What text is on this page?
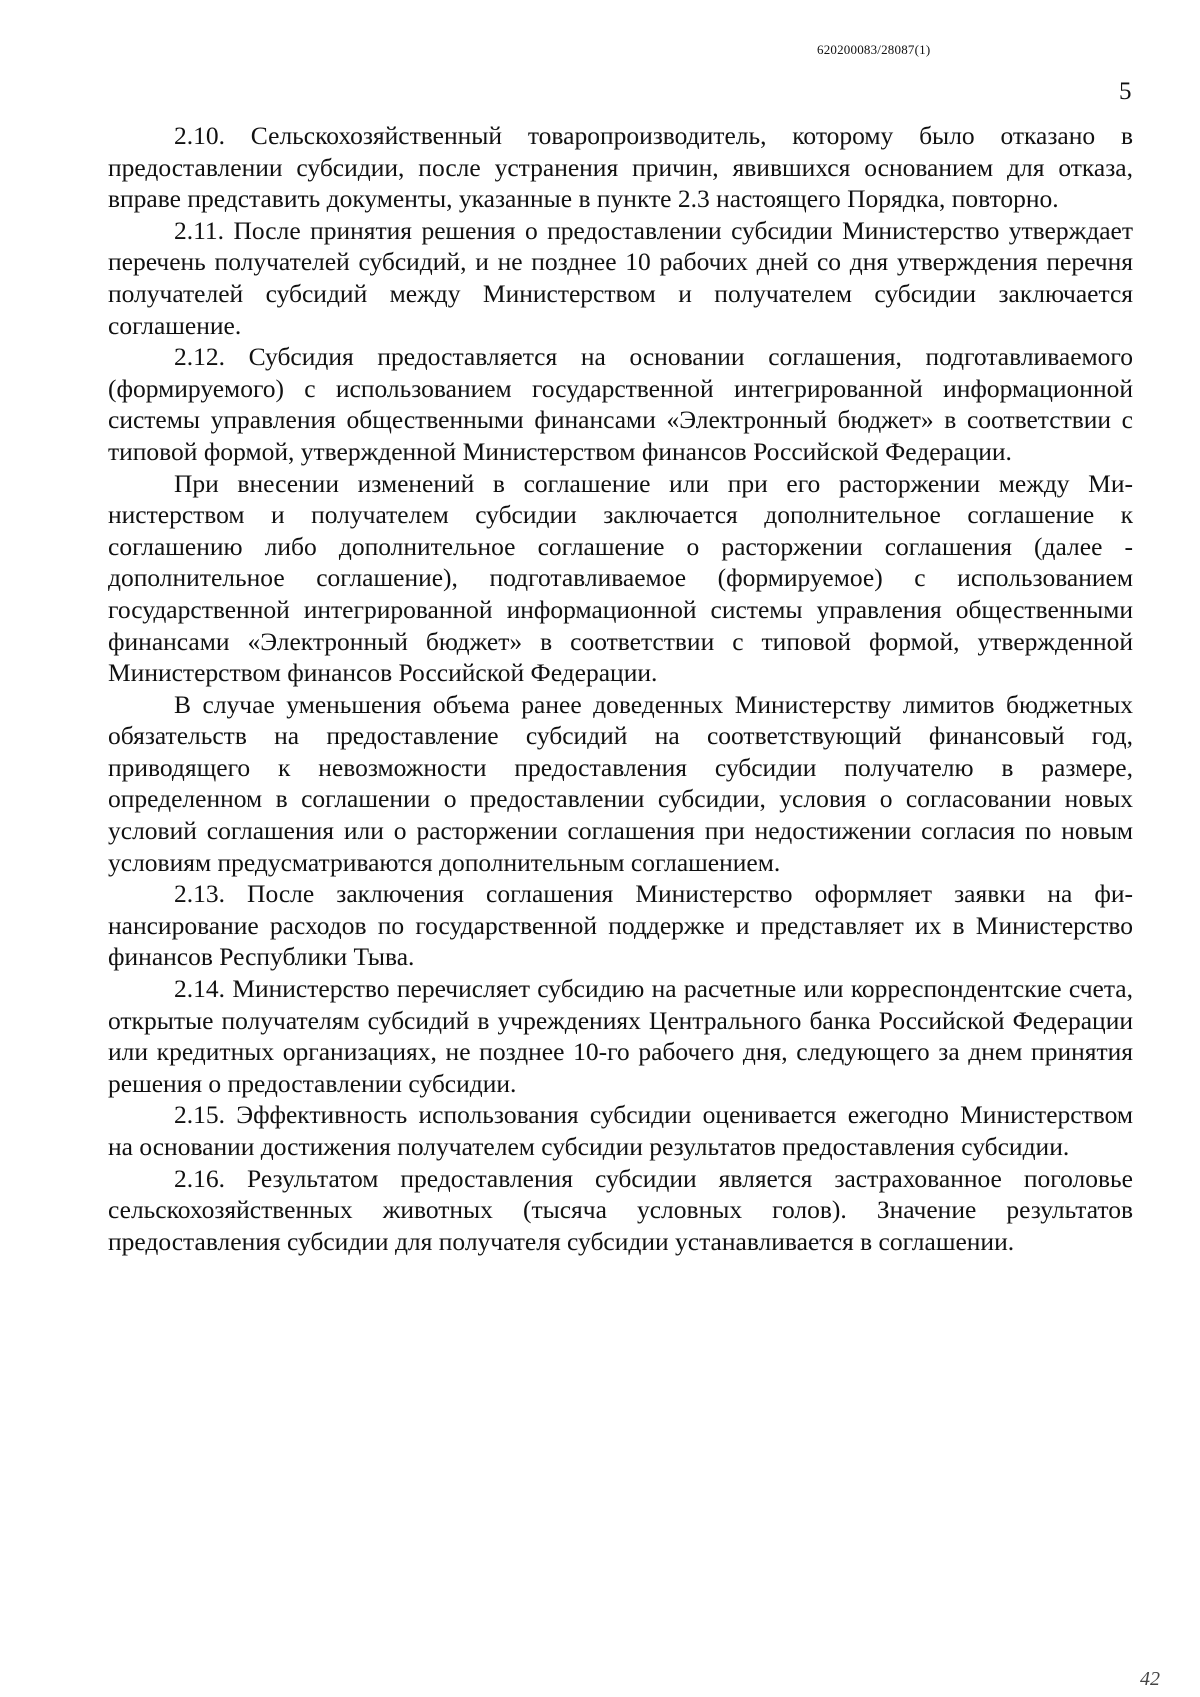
620200083/28087(1)
5

2.10. Сельскохозяйственный товаропроизводитель, которому было отказано в предоставлении субсидии, после устранения причин, явившихся основанием для отказа, вправе представить документы, указанные в пункте 2.3 настоящего Порядка, повторно.

2.11. После принятия решения о предоставлении субсидии Министерство утверждает перечень получателей субсидий, и не позднее 10 рабочих дней со дня утверждения перечня получателей субсидий между Министерством и получателем субсидии заключается соглашение.

2.12. Субсидия предоставляется на основании соглашения, подготавливаемого (формируемого) с использованием государственной интегрированной информационной системы управления общественными финансами «Электронный бюджет» в соответствии с типовой формой, утвержденной Министерством финансов Российской Федерации.

При внесении изменений в соглашение или при его расторжении между Министерством и получателем субсидии заключается дополнительное соглашение к соглашению либо дополнительное соглашение о расторжении соглашения (далее - дополнительное соглашение), подготавливаемое (формируемое) с использованием государственной интегрированной информационной системы управления общественными финансами «Электронный бюджет» в соответствии с типовой формой, утвержденной Министерством финансов Российской Федерации.

В случае уменьшения объема ранее доведенных Министерству лимитов бюджетных обязательств на предоставление субсидий на соответствующий финансовый год, приводящего к невозможности предоставления субсидии получателю в размере, определенном в соглашении о предоставлении субсидии, условия о согласовании новых условий соглашения или о расторжении соглашения при недостижении согласия по новым условиям предусматриваются дополнительным соглашением.

2.13. После заключения соглашения Министерство оформляет заявки на финансирование расходов по государственной поддержке и представляет их в Министерство финансов Республики Тыва.

2.14. Министерство перечисляет субсидию на расчетные или корреспондентские счета, открытые получателям субсидий в учреждениях Центрального банка Российской Федерации или кредитных организациях, не позднее 10-го рабочего дня, следующего за днем принятия решения о предоставлении субсидии.

2.15. Эффективность использования субсидии оценивается ежегодно Министерством на основании достижения получателем субсидии результатов предоставления субсидии.

2.16. Результатом предоставления субсидии является застрахованное поголовье сельскохозяйственных животных (тысяча условных голов). Значение результатов предоставления субсидии для получателя субсидии устанавливается в соглашении.

42
